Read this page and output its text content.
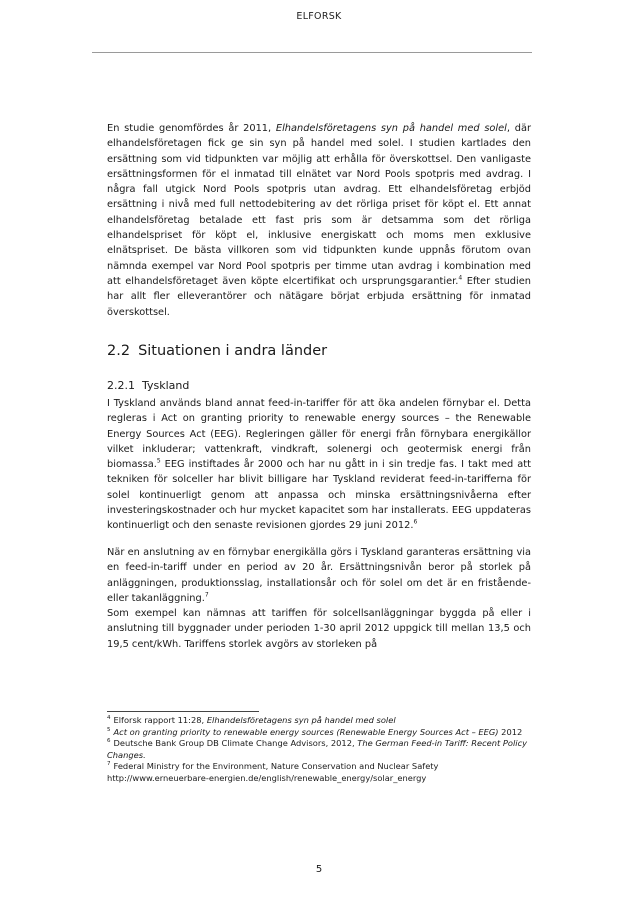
ELFORSK

En studie genomfördes år 2011, Elhandelsföretagens syn på handel med solel, där elhandelsföretagen fick ge sin syn på handel med solel. I studien kartlades den ersättning som vid tidpunkten var möjlig att erhålla för överskottsel. Den vanligaste ersättningsformen för el inmatad till elnätet var Nord Pools spotpris med avdrag. I några fall utgick Nord Pools spotpris utan avdrag. Ett elhandelsföretag erbjöd ersättning i nivå med full nettodebitering av det rörliga priset för köpt el. Ett annat elhandelsföretag betalade ett fast pris som är detsamma som det rörliga elhandelspriset för köpt el, inklusive energiskatt och moms men exklusive elnätspriset. De bästa villkoren som vid tidpunkten kunde uppnås förutom ovan nämnda exempel var Nord Pool spotpris per timme utan avdrag i kombination med att elhandelsföretaget även köpte elcertifikat och ursprungsgarantier.$^4$ Efter studien har allt fler elleverantörer och nätägare börjat erbjuda ersättning för inmatad överskottsel.

2.2 Situationen i andra länder
2.2.1 Tyskland

I Tyskland används bland annat feed-in-tariffer för att öka andelen förnybar el. Detta regleras i Act on granting priority to renewable energy sources – the Renewable Energy Sources Act (EEG). Regleringen gäller för energi från förnybara energikällor vilket inkluderar; vattenkraft, vindkraft, solenergi och geotermisk energi från biomassa.$^5$ EEG instiftades år 2000 och har nu gått in i sin tredje fas. I takt med att tekniken för solceller har blivit billigare har Tyskland reviderat feed-in-tarifferna för solel kontinuerligt genom att anpassa och minska ersättningsnivåerna efter investeringskostnader och hur mycket kapacitet som har installerats. EEG uppdateras kontinuerligt och den senaste revisionen gjordes 29 juni 2012.$^6$

När en anslutning av en förnybar energikälla görs i Tyskland garanteras ersättning via en feed-in-tariff under en period av 20 år. Ersättningsnivån beror på storlek på anläggningen, produktionsslag, installationsår och för solel om det är en fristående- eller takanläggning.$^7$

Som exempel kan nämnas att tariffen för solcellsanläggningar byggda på eller i anslutning till byggnader under perioden 1-30 april 2012 uppgick till mellan 13,5 och 19,5 cent/kWh. Tariffens storlek avgörs av storleken på

$^4$ Elforsk rapport 11:28, Elhandelsföretagens syn på handel med solel

$^5$ Act on granting priority to renewable energy sources (Renewable Energy Sources Act – EEG) 2012

$^6$ Deutsche Bank Group DB Climate Change Advisors, 2012, The German Feed-in Tariff: Recent Policy Changes.

$^7$ Federal Ministry for the Environment, Nature Conservation and Nuclear Safety
http://www.erneuerbare-energien.de/english/renewable_energy/solar_energy

5
